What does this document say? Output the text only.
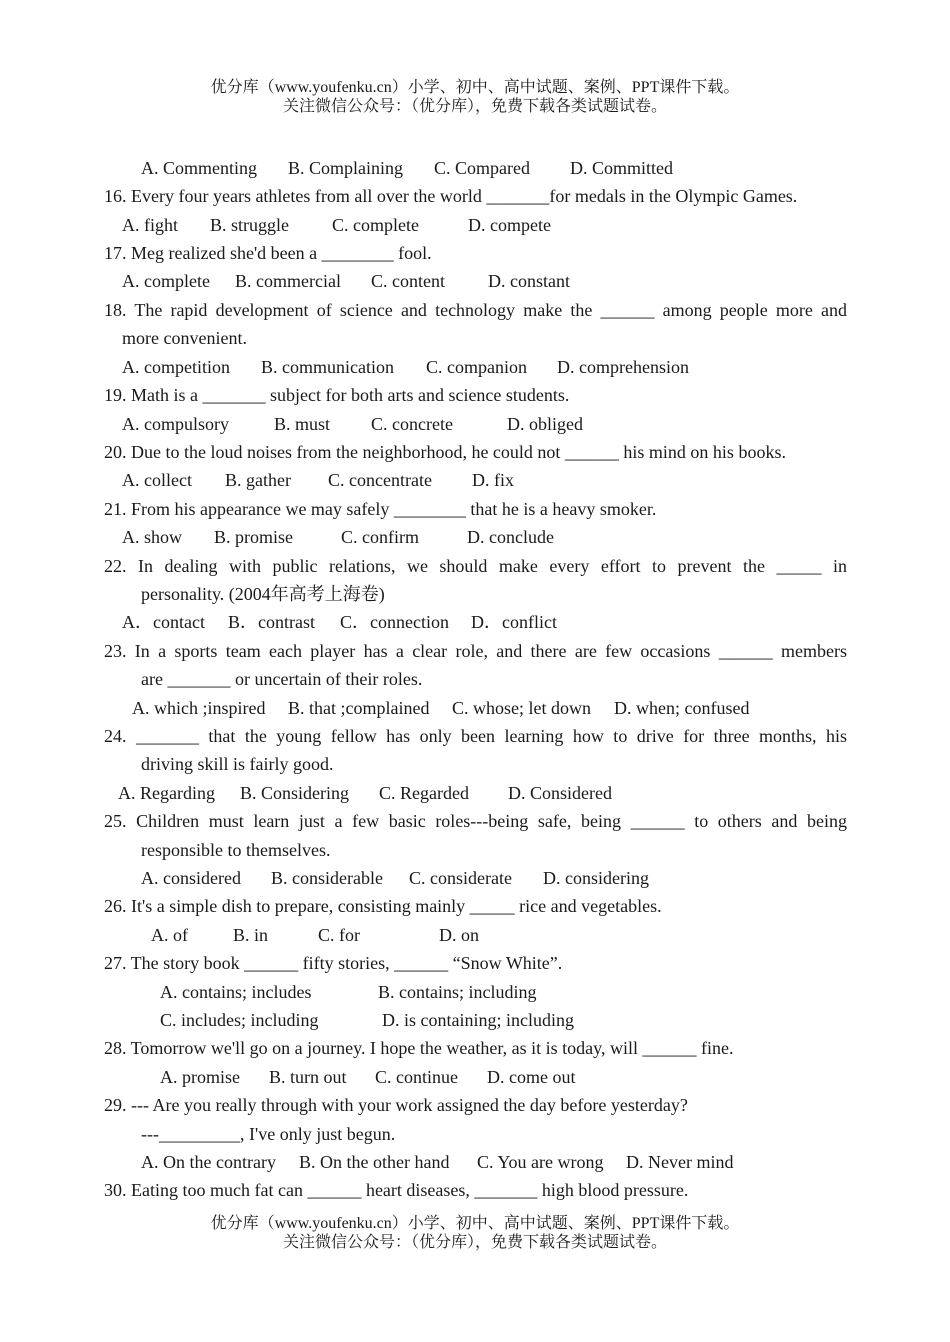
优分库（www.youfenku.cn）小学、初中、高中试题、案例、PPT课件下载。
关注微信公众号：（优分库），免费下载各类试题试卷。
A. Commenting B. Complaining C. Compared D. Committed
16. Every four years athletes from all over the world _______for medals in the Olympic Games.
A. fight B. struggle C. complete	D. compete
17. Meg realized she'd been a ________ fool.
A. complete B. commercial C. content D. constant
18. The rapid development of science and technology make the ______ among people more and
more convenient.
A. competition B. communication C. companion D. comprehension
19. Math is a _______ subject for both arts and science students.
A. compulsory	B. must C. concrete	D. obliged
20. Due to the loud noises from the neighborhood, he could not ______ his mind on his books.
A. collect B. gather C. concentrate D. fix
21. From his appearance we may safely ________ that he is a heavy smoker.
A. show B. promise	C. confirm	D. conclude
22. In dealing with public relations, we should make every effort to prevent the _____ in
personality. (2004年高考上海卷)
A．contact B．contrast C．connection D．conflict
23. In a sports team each player has a clear role, and there are few occasions ______ members
are _______ or uncertain of their roles.
A. which ;inspired B. that ;complained C. whose; let down D. when; confused
24. _______ that the young fellow has only been learning how to drive for three months, his
driving skill is fairly good.
A. Regarding B. Considering C. Regarded D. Considered
25. Children must learn just a few basic roles---being safe, being ______ to others and being
responsible to themselves.
A. considered B. considerable C. considerate D. considering
26. It's a simple dish to prepare, consisting mainly _____ rice and vegetables.
A. of	B. in	C. for	D. on
27. The story book ______ fifty stories, ______ “Snow White”.
A. contains; includes	B. contains; including
C. includes; including	D. is containing; including
28. Tomorrow we'll go on a journey. I hope the weather, as it is today, will ______ fine.
A. promise B. turn out C. continue D. come out
29. --- Are you really through with your work assigned the day before yesterday?
---_________, I've only just begun.
A. On the contrary B. On the other hand C. You are wrong D. Never mind
30. Eating too much fat can ______ heart diseases, _______ high blood pressure.
优分库（www.youfenku.cn）小学、初中、高中试题、案例、PPT课件下载。
关注微信公众号：（优分库），免费下载各类试题试卷。
